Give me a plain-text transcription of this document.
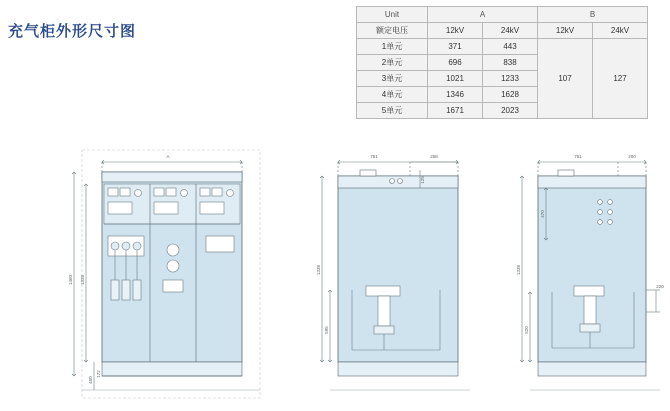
充气柜外形尺寸图
Unit	A		B	
额定电压	12kV	24kV	12kV	24kV
1单元	371	443	107	127
2单元	696	838		
3单元	1021	1233		
4单元	1346	1628		
5单元	1671	2023		
A
1460 1338
450
172
751	258
125
1338
595
751	200
470
1338
520
220
